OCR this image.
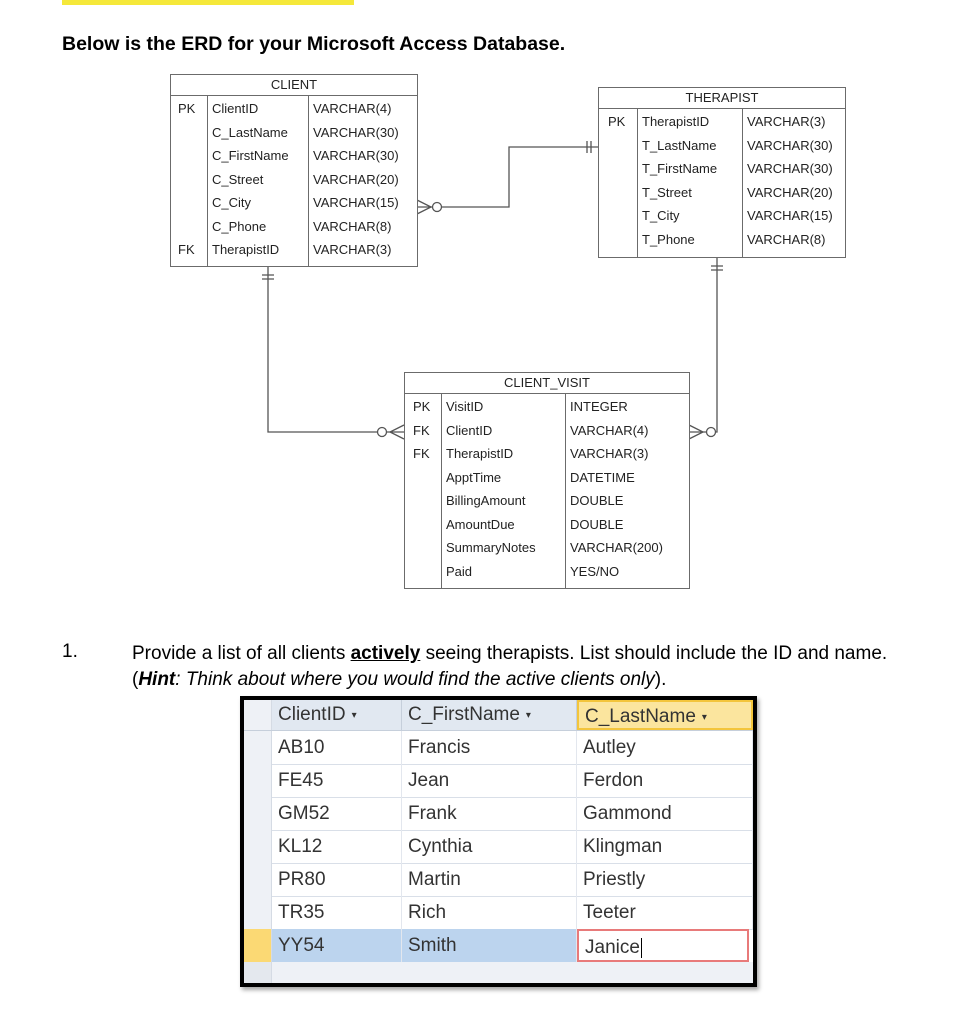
Below is the ERD for your Microsoft Access Database.
CLIENT
PK ClientID	VARCHAR(4)
C_LastName VARCHAR(30)
C_FirstName VARCHAR(30)
C_Street	VARCHAR(20)
C_City	VARCHAR(15)
C_Phone	VARCHAR(8)
FK TherapistID	VARCHAR(3)
THERAPIST
PK TherapistID	VARCHAR(3)
T_LastName VARCHAR(30)
T_FirstName VARCHAR(30)
T_Street	VARCHAR(20)
T_City	VARCHAR(15)
T_Phone	VARCHAR(8)
CLIENT_VISIT
PK VisitID	INTEGER
FK ClientID	VARCHAR(4)
FK TherapistID	VARCHAR(3)
ApptTime	DATETIME
BillingAmount	DOUBLE
AmountDue	DOUBLE
SummaryNotes	VARCHAR(200)
Paid	YES/NO
1.	Provide a list of all clients actively seeing therapists. List should include the ID and name. (Hint: Think about where you would find the active clients only).

ClientID ▾	C_FirstName ▾	C_LastName ▾
AB10	Francis	Autley
FE45	Jean	Ferdon
GM52	Frank	Gammond
KL12	Cynthia	Klingman
PR80	Martin	Priestly
TR35	Rich	Teeter
YY54	Smith	Janice
